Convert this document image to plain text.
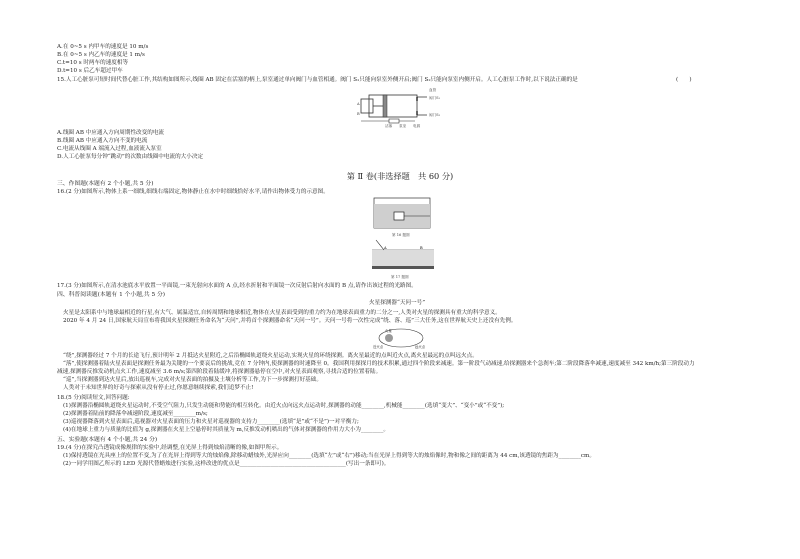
A.在 0~5 s 内甲车的速度是 10 m/s
B.在 0~5 s 内乙车的速度是 1 m/s
C.t=10 s 时两车的速度相等
D.t=10 s 后乙车超过甲车
15.人工心脏泵可短时间代替心脏工作,其结构如图所示,线圈 AB 固定在活塞的柄上,泵室通过单向阀门与血管相通。阀门 S₁只能向泵室外侧开启;阀门 S₂只能向泵室内侧开启。人工心脏泵工作时,以下说法正确的是	(　　)
血管
阀门S₁
阀门S₂
活塞 泵室 电源
A
B
A.线圈 AB 中应通入方向周期性改变的电流
B.线圈 AB 中应通入方向不变的电流
C.电流从线圈 A 端流入过程,血液流入泵室
D.人工心脏泵每分钟“跳动”的次数由线圈中电流的大小决定
第 Ⅱ 卷(非选择题　共 60 分)
三、作图题(本题有 2 个小题,共 5 分)
16.(2 分)如图所示,物体上系一细线,细线右端固定,物体静止在水中时细线恰好水平,请作出物体受力的示意图。
第 16 题图
A	B
第 17 题图
17.(3 分)如图所示,在清水池底水平放置一平面镜,一束光射向水面的 A 点,经水折射和平面镜一次反射后射向水面的 B 点,请作出该过程的光路图。
四、科普阅读题(本题有 1 个小题,共 5 分)
火星探测器“天问一号”
火星是太阳系中与地球最相近的行星,有大气、属温适宜,自转周期和地球相近,物体在火星表面受到的重力约为在地球表面重力的二分之一,人类对火星的探测具有重大的科学意义。
2020 年 4 月 24 日,国家航天局宣布将我国火星探测任务命名为“天问”,并将首个探测器命名“天问一号”。天问一号将一次性完成“绕、落、巡”三大任务,这在世界航天史上还没有先例。
近火点	远火点
火星
“绕”,探测器经过 7 个月的长途飞行,预计明年 2 月抵达火星附近,之后沿椭圆轨道绕火星运动,实现火星的环绕探测。离火星最近的点叫近火点,离火星最远的点叫远火点。
“落”,使探测器着陆火星表面是探测任务最为关键的一个要哀后的挑战,竞在 7 分钟内,使探测器的时速降至 0。我国利用探探月的技术积累,通过四个阶段来减速。第一阶段气动减速,给探测器来个急刹车;第二阶段降落伞减速,速度减至 342 km/h;第三阶段动力
减速,探测器反推发动机点火工作,速度减至 3.6 m/s;第四阶段着陆缓冲,将探测器悬停在空中,对火星表面观察,寻找合适的位置着陆。
“巡”,当探测器到达火星后,放出巡视车,完成对火星表面的拍摄及土壤分析等工作,为下一步探测打好基础。
人类对于未知世界的好奇与探索从没有停止过,你愿意继续探索,我们追梦不止!
18.(5 分)阅读短文,回答问题:
(1)探测器沿椭圆轨道绕火星运动时,不受空气阻力,只发生动能和势能的相互转化。由近火点向远火点运动时,探测器的动能________,机械能________(选填“变大”、“变小”或“不变”);
(2)探测器着陆前的降落伞减速阶段,速度减至________m/s;
(3)巡视器降落到火星表面后,巡视器对火星表面的压力和火星对巡视器的支持力________(选填“是”或“不是”)一对平衡力;
(4)在地球上重力与质量的比值为 g,探测器在火星上空悬停时其质量为 m,反推发动机喷出的气体对探测器的作用力大小为________。
五、实验题(本题有 4 个小题,共 24 分)
19.(4 分)在探究凸透镜成像规律的实验中,经调整,在光屏上得到烛焰清晰的像,如图甲所示。
(1)保持透镜在光具座上的位置不变,为了在光屏上得到等大的烛焰像,除移动蜡烛外,光屏应向________(选填“左”或“右”)移动;当在光屏上得到等大的烛焰像时,物和像之间的距离为 44 cm,该透镜的焦距为________cm。
(2)一同学用图乙所示的 LED 光源代替蜡烛进行实验,这样改进的优点是______________________________________(写出一条即可)。
